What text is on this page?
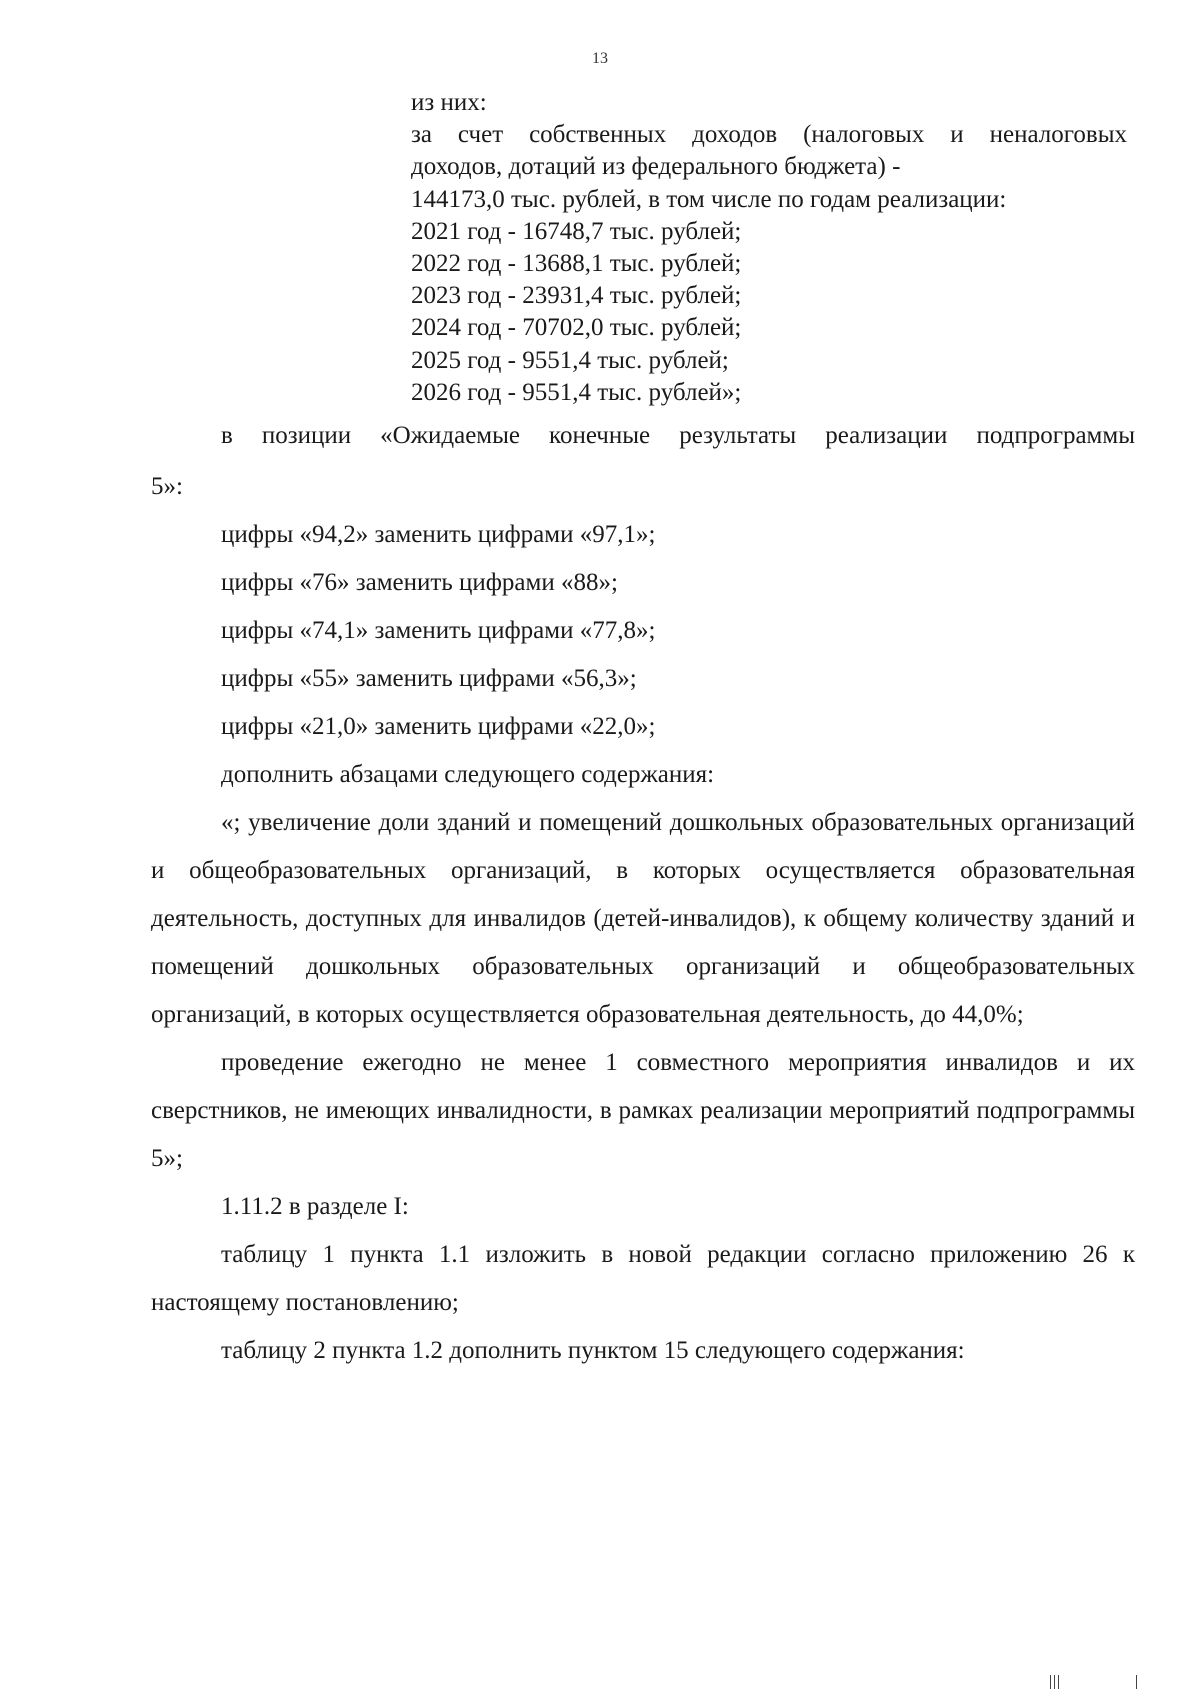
13
из них:
за счет собственных доходов (налоговых и неналоговых
доходов, дотаций из федерального бюджета) -
144173,0 тыс. рублей, в том числе по годам реализации:
2021 год - 16748,7 тыс. рублей;
2022 год - 13688,1 тыс. рублей;
2023 год - 23931,4 тыс. рублей;
2024 год - 70702,0 тыс. рублей;
2025 год - 9551,4 тыс. рублей;
2026 год - 9551,4 тыс. рублей»;

в позиции «Ожидаемые конечные результаты реализации подпрограммы

5»:

цифры «94,2» заменить цифрами «97,1»;

цифры «76» заменить цифрами «88»;

цифры «74,1» заменить цифрами «77,8»;

цифры «55» заменить цифрами «56,3»;

цифры «21,0» заменить цифрами «22,0»;

дополнить абзацами следующего содержания:

«; увеличение доли зданий и помещений дошкольных образовательных организаций и общеобразовательных организаций, в которых осуществляется образовательная деятельность, доступных для инвалидов (детей-инвалидов), к общему количеству зданий и помещений дошкольных образовательных организаций и общеобразовательных организаций, в которых осуществляется образовательная деятельность, до 44,0%;

проведение ежегодно не менее 1 совместного мероприятия инвалидов и их сверстников, не имеющих инвалидности, в рамках реализации мероприятий подпрограммы 5»;

1.11.2 в разделе I:

таблицу 1 пункта 1.1 изложить в новой редакции согласно приложению 26 к настоящему постановлению;

таблицу 2 пункта 1.2 дополнить пунктом 15 следующего содержания:
